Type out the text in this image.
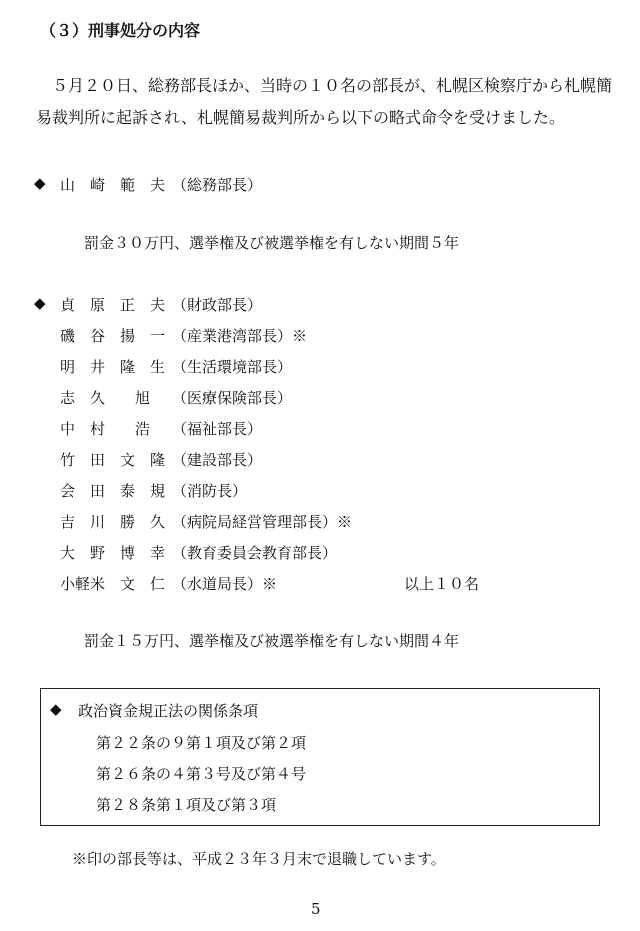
（３）刑事処分の内容
５月２０日、総務部長ほか、当時の１０名の部長が、札幌区検察庁から札幌簡易裁判所に起訴され、札幌簡易裁判所から以下の略式命令を受けました。
◆ 山　崎　範　夫 （総務部長）
罰金３０万円、選挙権及び被選挙権を有しない期間５年
◆ 貞　原　正　夫 （財政部長）
磯　谷　揚　一 （産業港湾部長）※
明　井　隆　生 （生活環境部長）
志　久　　旭 （医療保険部長）
中　村　　浩 （福祉部長）
竹　田　文　隆 （建設部長）
会　田　泰　規 （消防長）
吉　川　勝　久 （病院局経営管理部長）※
大　野　博　幸 （教育委員会教育部長）
小軽米　文　仁 （水道局長）※	以上１０名
罰金１５万円、選挙権及び被選挙権を有しない期間４年
◆ 政治資金規正法の関係条項
第２２条の９第１項及び第２項
第２６条の４第３号及び第４号
第２８条第１項及び第３項
※印の部長等は、平成２３年３月末で退職しています。
5
